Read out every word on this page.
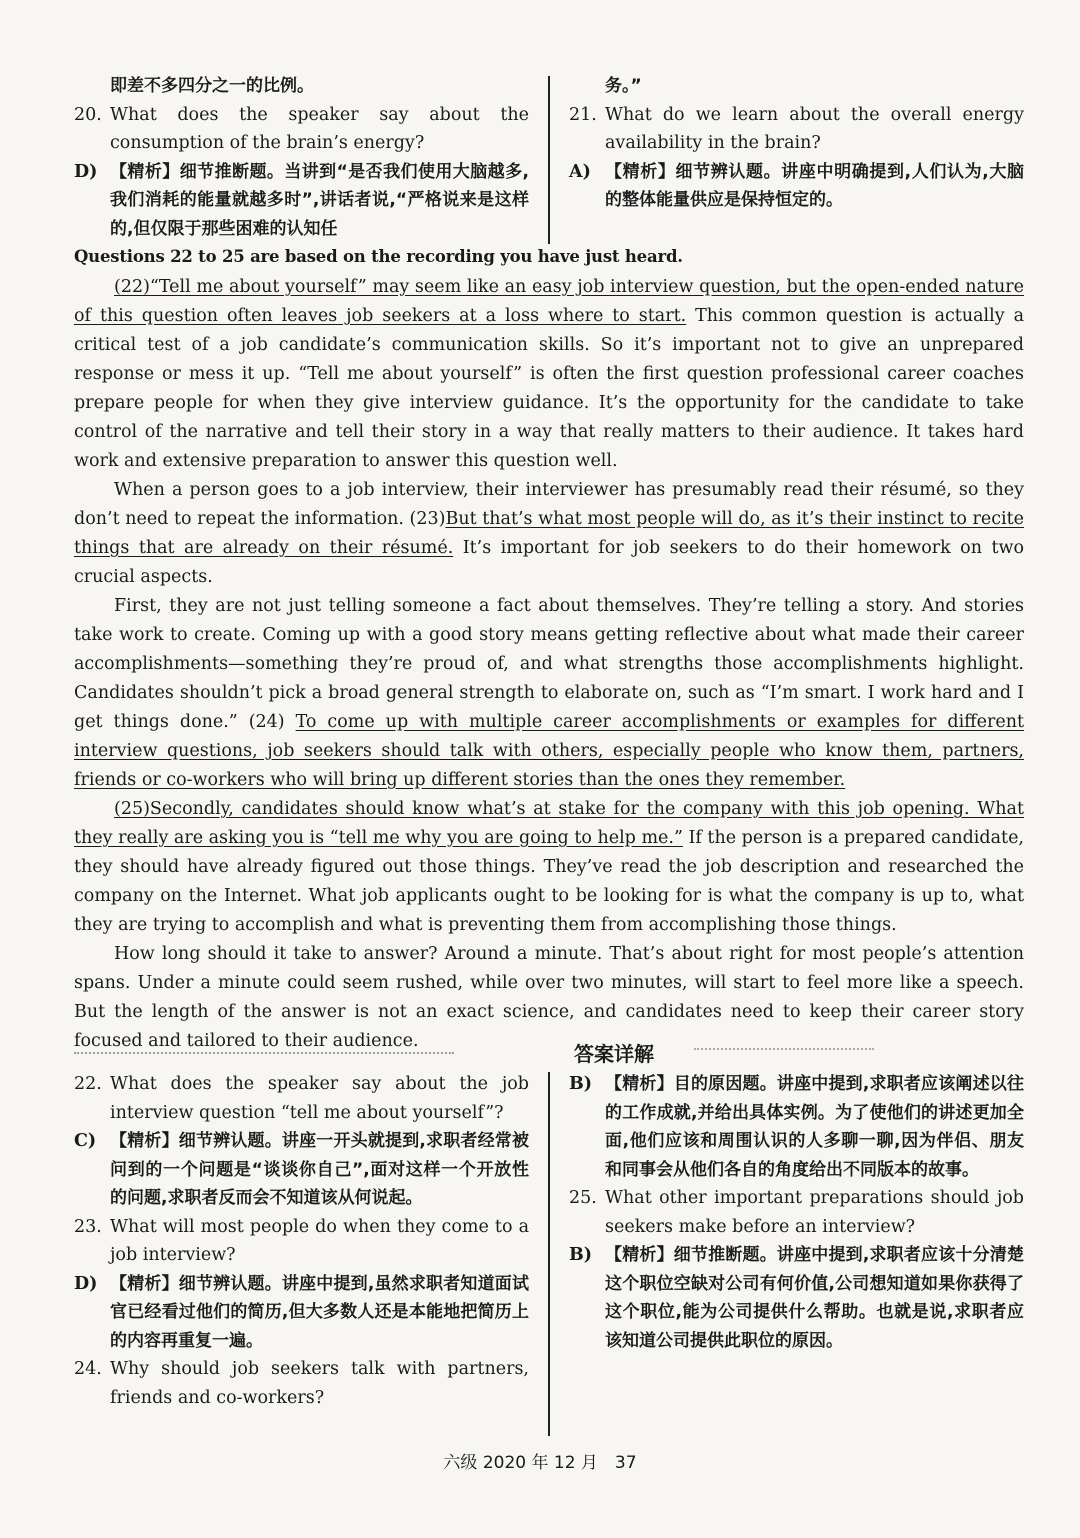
即差不多四分之一的比例。
20. What does the speaker say about the consumption of the brain’s energy?
D) 【精析】细节推断题。当讲到“是否我们使用大脑越多,我们消耗的能量就越多时”,讲话者说,“严格说来是这样的,但仅限于那些困难的认知任
务。”
21. What do we learn about the overall energy availability in the brain?
A) 【精析】细节辨认题。讲座中明确提到,人们认为,大脑的整体能量供应是保持恒定的。
Questions 22 to 25 are based on the recording you have just heard.

(22)“Tell me about yourself” may seem like an easy job interview question, but the open-ended nature of this question often leaves job seekers at a loss where to start. This common question is actually a critical test of a job candidate’s communication skills. So it’s important not to give an unprepared response or mess it up. “Tell me about yourself” is often the first question professional career coaches prepare people for when they give interview guidance. It’s the opportunity for the candidate to take control of the narrative and tell their story in a way that really matters to their audience. It takes hard work and extensive preparation to answer this question well.

When a person goes to a job interview, their interviewer has presumably read their résumé, so they don’t need to repeat the information. (23)But that’s what most people will do, as it’s their instinct to recite things that are already on their résumé. It’s important for job seekers to do their homework on two crucial aspects.

First, they are not just telling someone a fact about themselves. They’re telling a story. And stories take work to create. Coming up with a good story means getting reflective about what made their career accomplishments—something they’re proud of, and what strengths those accomplishments highlight. Candidates shouldn’t pick a broad general strength to elaborate on, such as “I’m smart. I work hard and I get things done.” (24) To come up with multiple career accomplishments or examples for different interview questions, job seekers should talk with others, especially people who know them, partners, friends or co-workers who will bring up different stories than the ones they remember.

(25)Secondly, candidates should know what’s at stake for the company with this job opening. What they really are asking you is “tell me why you are going to help me.” If the person is a prepared candidate, they should have already figured out those things. They’ve read the job description and researched the company on the Internet. What job applicants ought to be looking for is what the company is up to, what they are trying to accomplish and what is preventing them from accomplishing those things.

How long should it take to answer? Around a minute. That’s about right for most people’s attention spans. Under a minute could seem rushed, while over two minutes, will start to feel more like a speech. But the length of the answer is not an exact science, and candidates need to keep their career story focused and tailored to their audience.

答案详解
22. What does the speaker say about the job interview question “tell me about yourself”?
C) 【精析】细节辨认题。讲座一开头就提到,求职者经常被问到的一个问题是“谈谈你自己”,面对这样一个开放性的问题,求职者反而会不知道该从何说起。
23. What will most people do when they come to a job interview?
D) 【精析】细节辨认题。讲座中提到,虽然求职者知道面试官已经看过他们的简历,但大多数人还是本能地把简历上的内容再重复一遍。
24. Why should job seekers talk with partners, friends and co-workers?
B) 【精析】目的原因题。讲座中提到,求职者应该阐述以往的工作成就,并给出具体实例。为了使他们的讲述更加全面,他们应该和周围认识的人多聊一聊,因为伴侣、朋友和同事会从他们各自的角度给出不同版本的故事。
25. What other important preparations should job seekers make before an interview?
B) 【精析】细节推断题。讲座中提到,求职者应该十分清楚这个职位空缺对公司有何价值,公司想知道如果你获得了这个职位,能为公司提供什么帮助。也就是说,求职者应该知道公司提供此职位的原因。
六级 2020 年 12 月　37
